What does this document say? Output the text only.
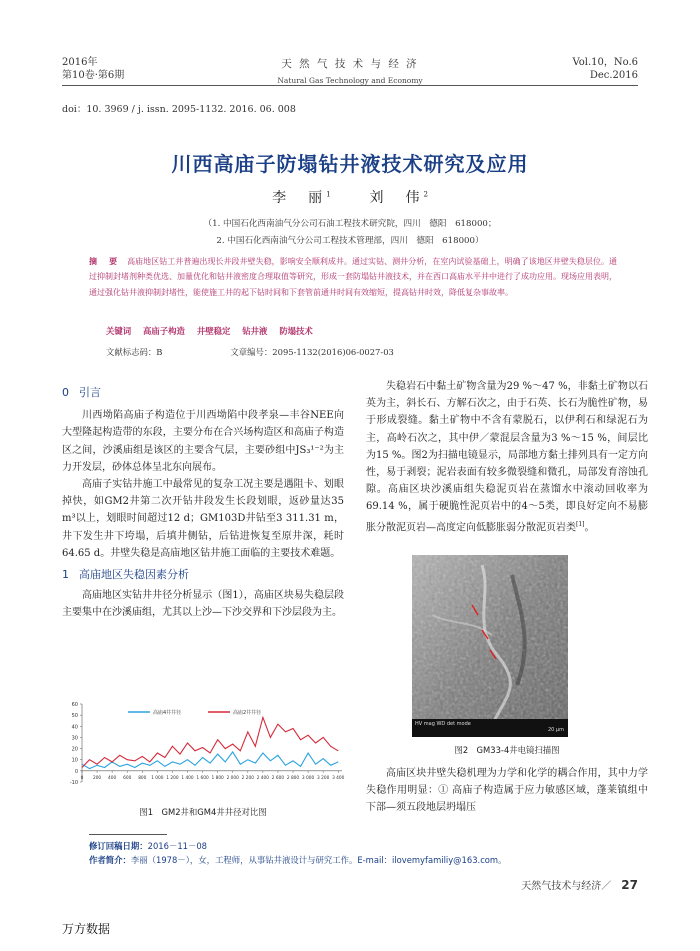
2016年
第10卷·第6期
天 然 气 技 术 与 经 济
Natural Gas Technology and Economy
Vol.10，No.6
Dec.2016
doi：10. 3969 / j. issn. 2095-1132. 2016. 06. 008
川西高庙子防塌钻井液技术研究及应用
李　丽$^1$	刘　伟$^2$
（1. 中国石化西南油气分公司石油工程技术研究院，四川　德阳　618000；
2. 中国石化西南油气分公司工程技术管理部，四川　德阳　618000）
摘　要 高庙地区钻工井普遍出现长井段井壁失稳，影响安全顺利成井。通过实钻、测井分析，在室内试验基础上，明确了该地区井壁失稳层位。通过抑制封堵剂种类优选、加量优化和钻井液密度合理取值等研究，形成一套防塌钻井液技术，并在西口高庙水平井中进行了成功应用。现场应用表明，通过强化钻井液抑制封堵性，能使施工井的起下钻时间和下套管前通井时间有效缩短，提高钻井时效，降低复杂事故率。
关键词 高庙子构造 井壁稳定 钻井液 防塌技术
文献标志码：B	文章编号：2095-1132(2016)06-0027-03
0 引言

川西坳陷高庙子构造位于川西坳陷中段孝泉—丰谷NEE向大型隆起构造带的东段，主要分布在合兴场构造区和高庙子构造区之间，沙溪庙组是该区的主要含气层，主要砂组中JS₃¹⁻²为主力开发层，砂体总体呈北东向展布。

高庙子实钻井施工中最常见的复杂工况主要是遇阻卡、划眼掉快，如GM2井第二次开钻井段发生长段划眼，返砂量达35 m³以上，划眼时间超过12 d；GM103D井钻至3 311.31 m，井下发生井下垮塌，后填井侧钻，后钻进恢复至原井深，耗时64.65 d。井壁失稳是高庙地区钻井施工面临的主要技术难题。

1 高庙地区失稳因素分析

高庙地区实钻井井径分析显示（图1），高庙区块易失稳层段主要集中在沙溪庙组，尤其以上沙—下沙交界和下沙层段为主。

-10
0
10
20
30
40
50
60
0 200 400 600 800 1 000 1 200 1 400 1 600 1 800 2 000 2 200 2 400 2 600 2 800 3 000 3 200 3 400
高庙4井井径	高庙2井井径
图1　GM2井和GM4井井径对比图

失稳岩石中黏土矿物含量为29 %～47 %，非黏土矿物以石英为主，斜长石、方解石次之，由于石英、长石为脆性矿物，易于形成裂缝。黏土矿物中不含有蒙脱石，以伊利石和绿泥石为主，高岭石次之，其中伊／蒙混层含量为3 %～15 %，间层比为15 %。图2为扫描电镜显示，局部地方黏土排列具有一定方向性，易于剥裂；泥岩表面有较多微裂缝和微孔，局部发育溶蚀孔隙。高庙区块沙溪庙组失稳泥页岩在蒸馏水中滚动回收率为69.14 %，属于硬脆性泥页岩中的4～5类，即良好定向不易膨胀分散泥页岩—高度定向低膨胀弱分散泥页岩类[1]。

HV mag WD det mode
20 μm
图2　GM33-4井电镜扫描图

高庙区块井壁失稳机理为力学和化学的耦合作用，其中力学失稳作用明显：① 高庙子构造属于应力敏感区域，蓬莱镇组中下部—须五段地层坍塌压

修订回稿日期：2016－11－08
作者简介：李丽（1978－），女，工程师，从事钻井液设计与研究工作。E-mail：ilovemyfamiliy@163.com。
天然气技术与经济／ 27
万方数据
